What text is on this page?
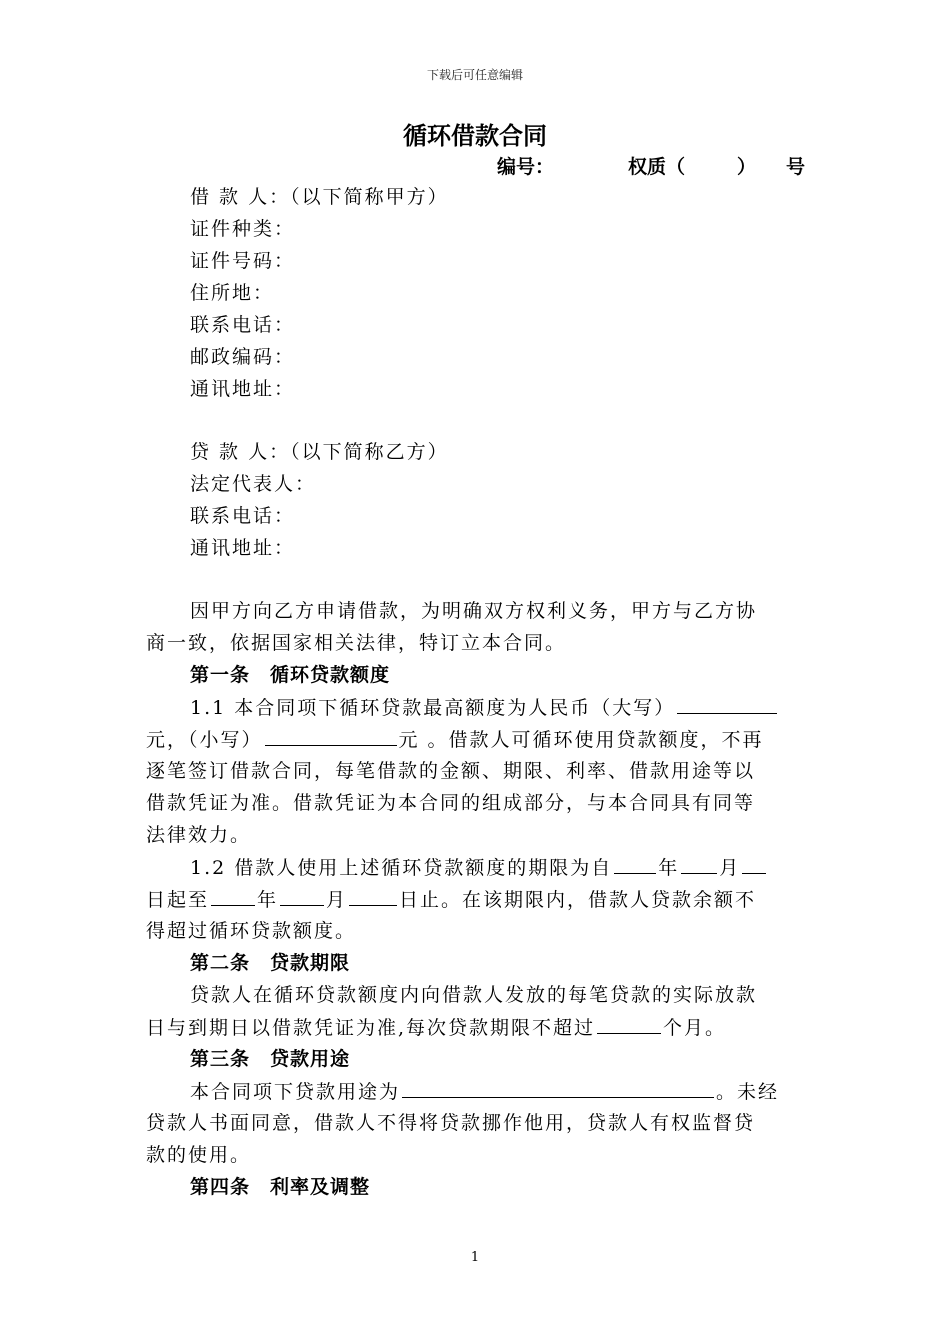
下载后可任意编辑
循环借款合同
编号：	权质（	） 号
借 款 人：（以下简称甲方）
证件种类：
证件号码：
住所地：
联系电话：
邮政编码：
通讯地址：
贷 款 人：（以下简称乙方）
法定代表人：
联系电话：
通讯地址：
因甲方向乙方申请借款，为明确双方权利义务，甲方与乙方协
商一致，依据国家相关法律，特订立本合同。
第一条　循环贷款额度
1.1 本合同项下循环贷款最高额度为人民币（大写）
元，（小写）	元 。借款人可循环使用贷款额度，不再
逐笔签订借款合同，每笔借款的金额、期限、利率、借款用途等以
借款凭证为准。借款凭证为本合同的组成部分，与本合同具有同等
法律效力。
1.2 借款人使用上述循环贷款额度的期限为自 年 月
日起至	年	月	日止。在该期限内，借款人贷款余额不
得超过循环贷款额度。
第二条　贷款期限
贷款人在循环贷款额度内向借款人发放的每笔贷款的实际放款
日与到期日以借款凭证为准,每次贷款期限不超过	个月。
第三条　贷款用途
本合同项下贷款用途为	。未经
贷款人书面同意，借款人不得将贷款挪作他用，贷款人有权监督贷
款的使用。
第四条　利率及调整
1
